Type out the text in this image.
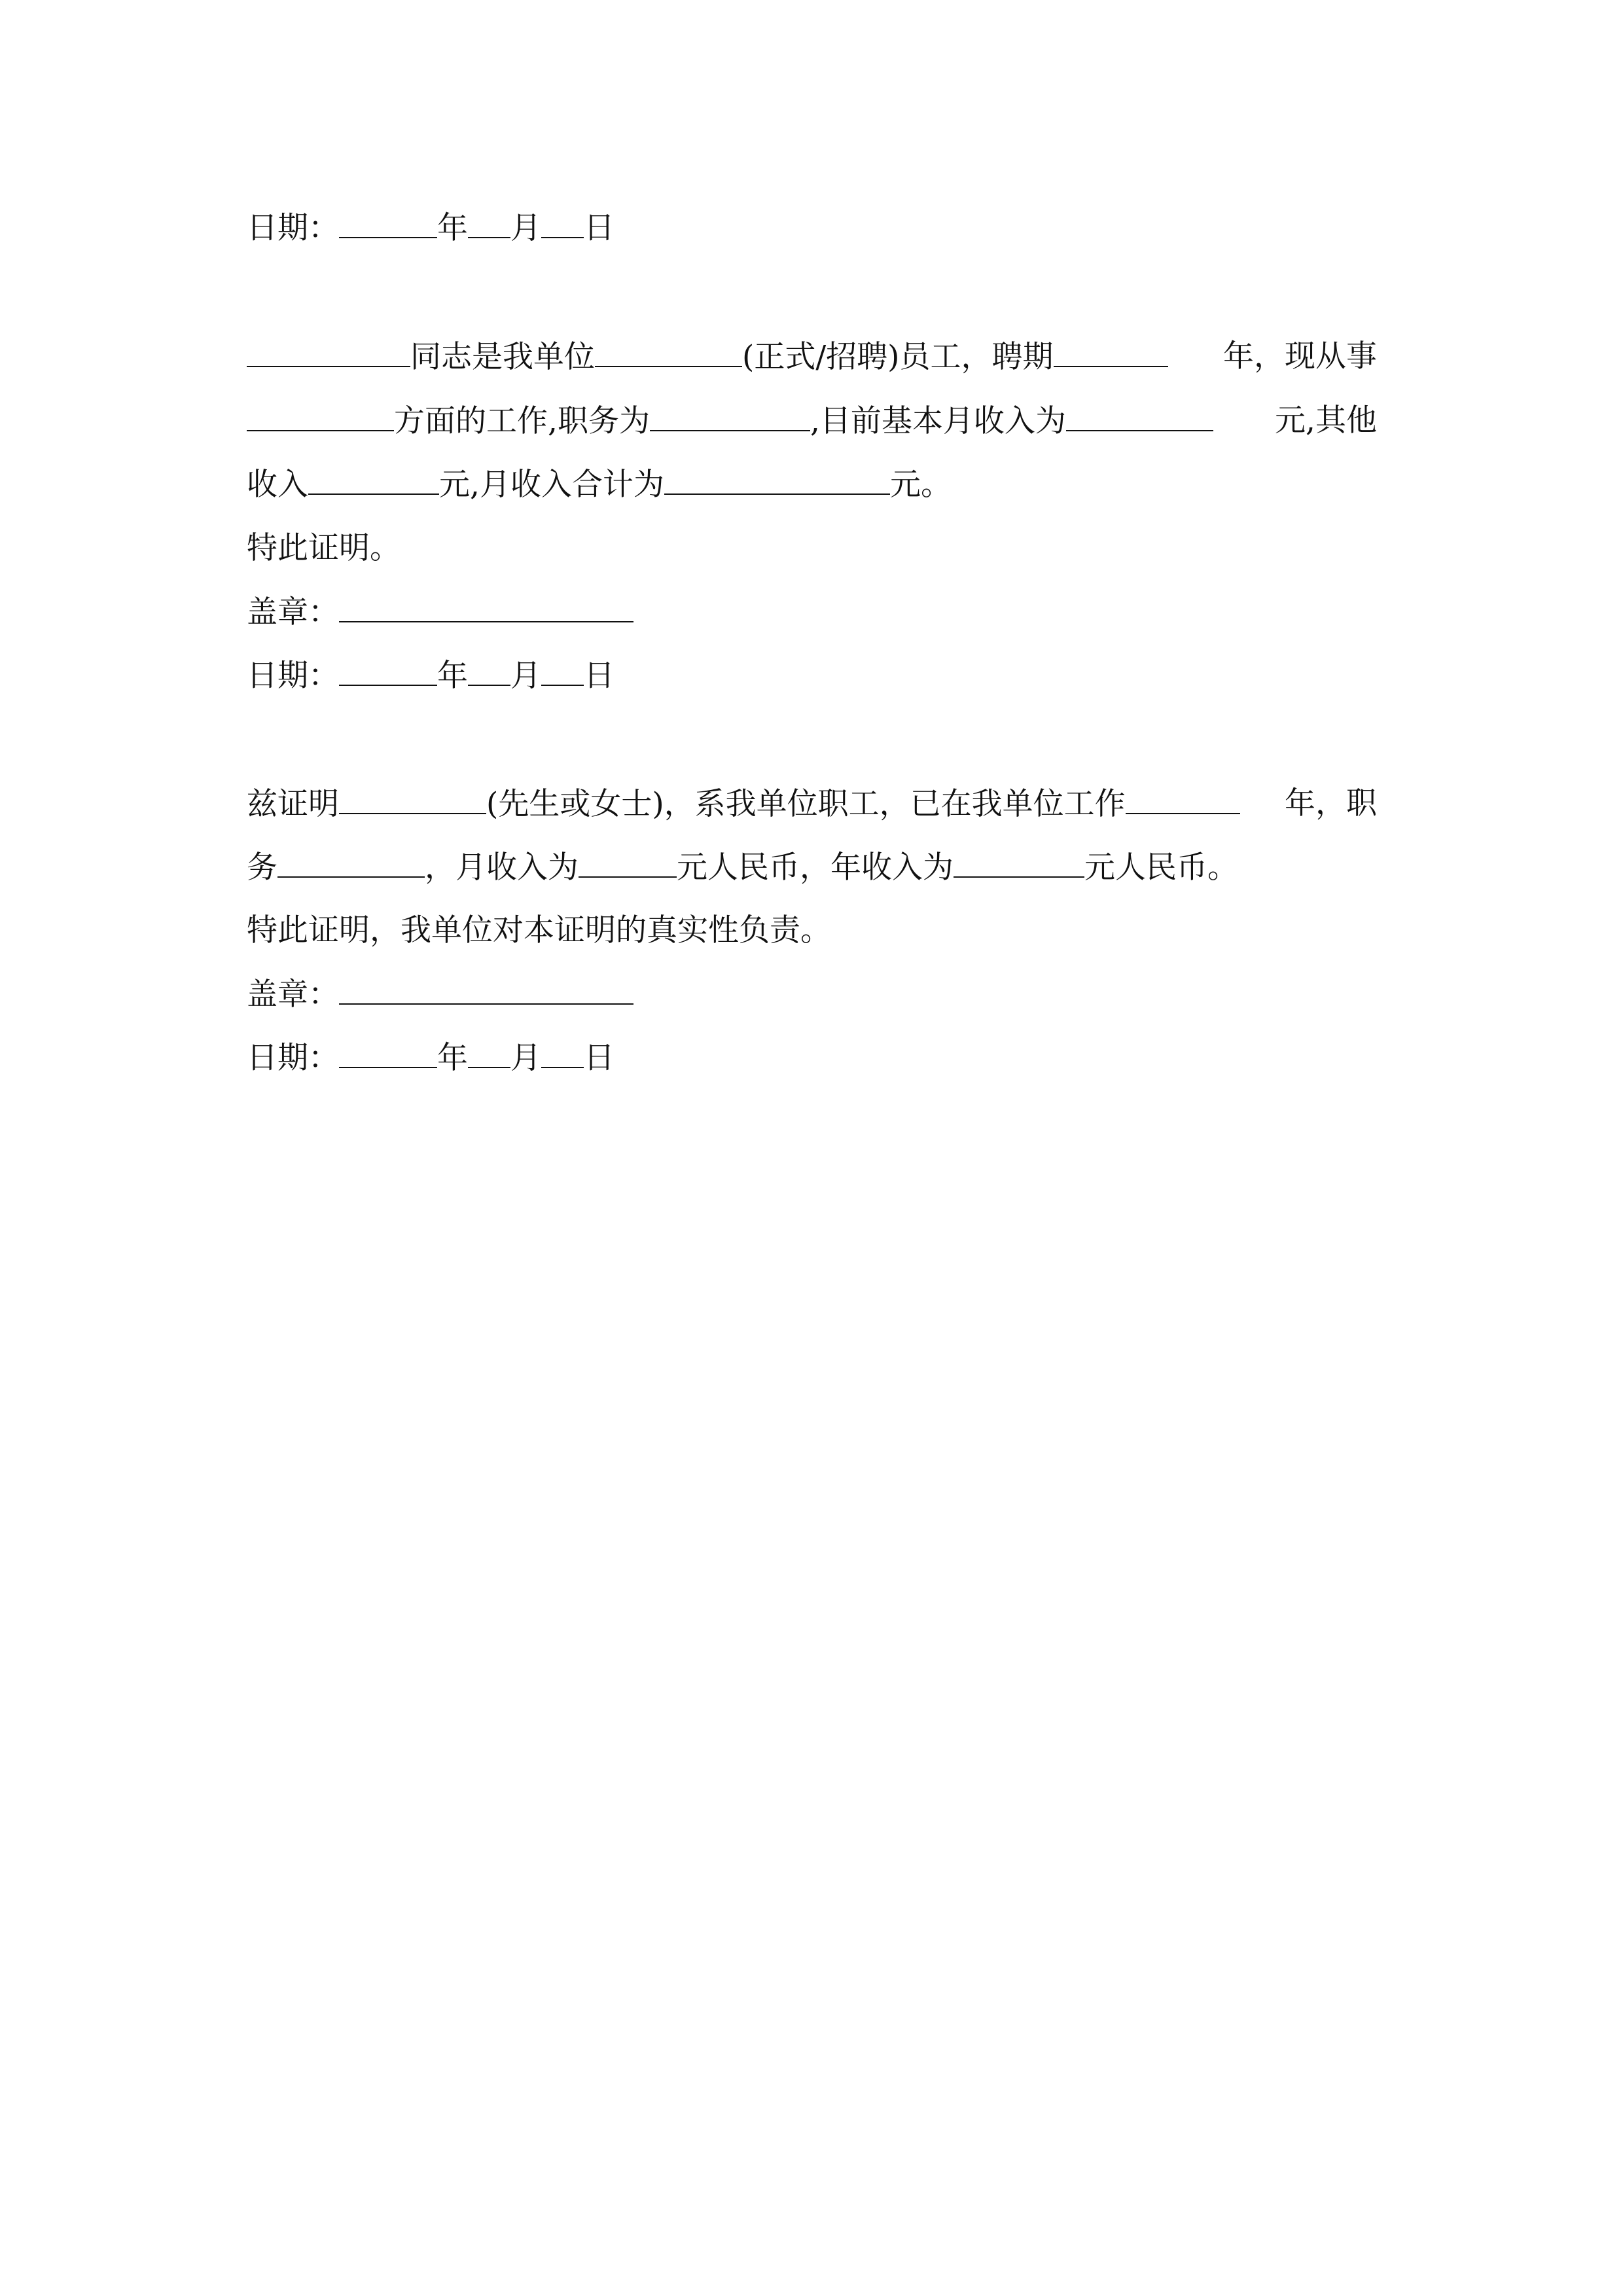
日期：	年 月 日
同志是我单位	(正式/招聘)员工，聘期	年，现从事
方面的工作,职务为	,目前基本月收入为	元,其他
收入	元,月收入合计为	元。
特此证明。
盖章：
日期：	年 月 日
兹证明	(先生或女士)，系我单位职工，已在我单位工作	年，职
务	，月收入为	元人民币，年收入为	元人民币。
特此证明，我单位对本证明的真实性负责。
盖章：
日期：	年 月 日
